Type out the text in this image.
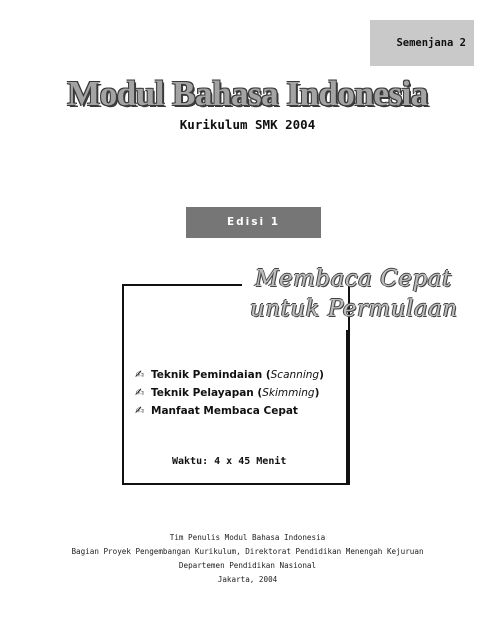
Semenjana 2
Modul Bahasa Indonesia
Kurikulum SMK 2004
Edisi 1
Membaca Cepat
untuk Permulaan
✍ Teknik Pemindaian (Scanning)
✍ Teknik Pelayapan (Skimming)
✍ Manfaat Membaca Cepat
Waktu: 4 x 45 Menit
Tim Penulis Modul Bahasa Indonesia
Bagian Proyek Pengembangan Kurikulum, Direktorat Pendidikan Menengah Kejuruan
Departemen Pendidikan Nasional
Jakarta, 2004
